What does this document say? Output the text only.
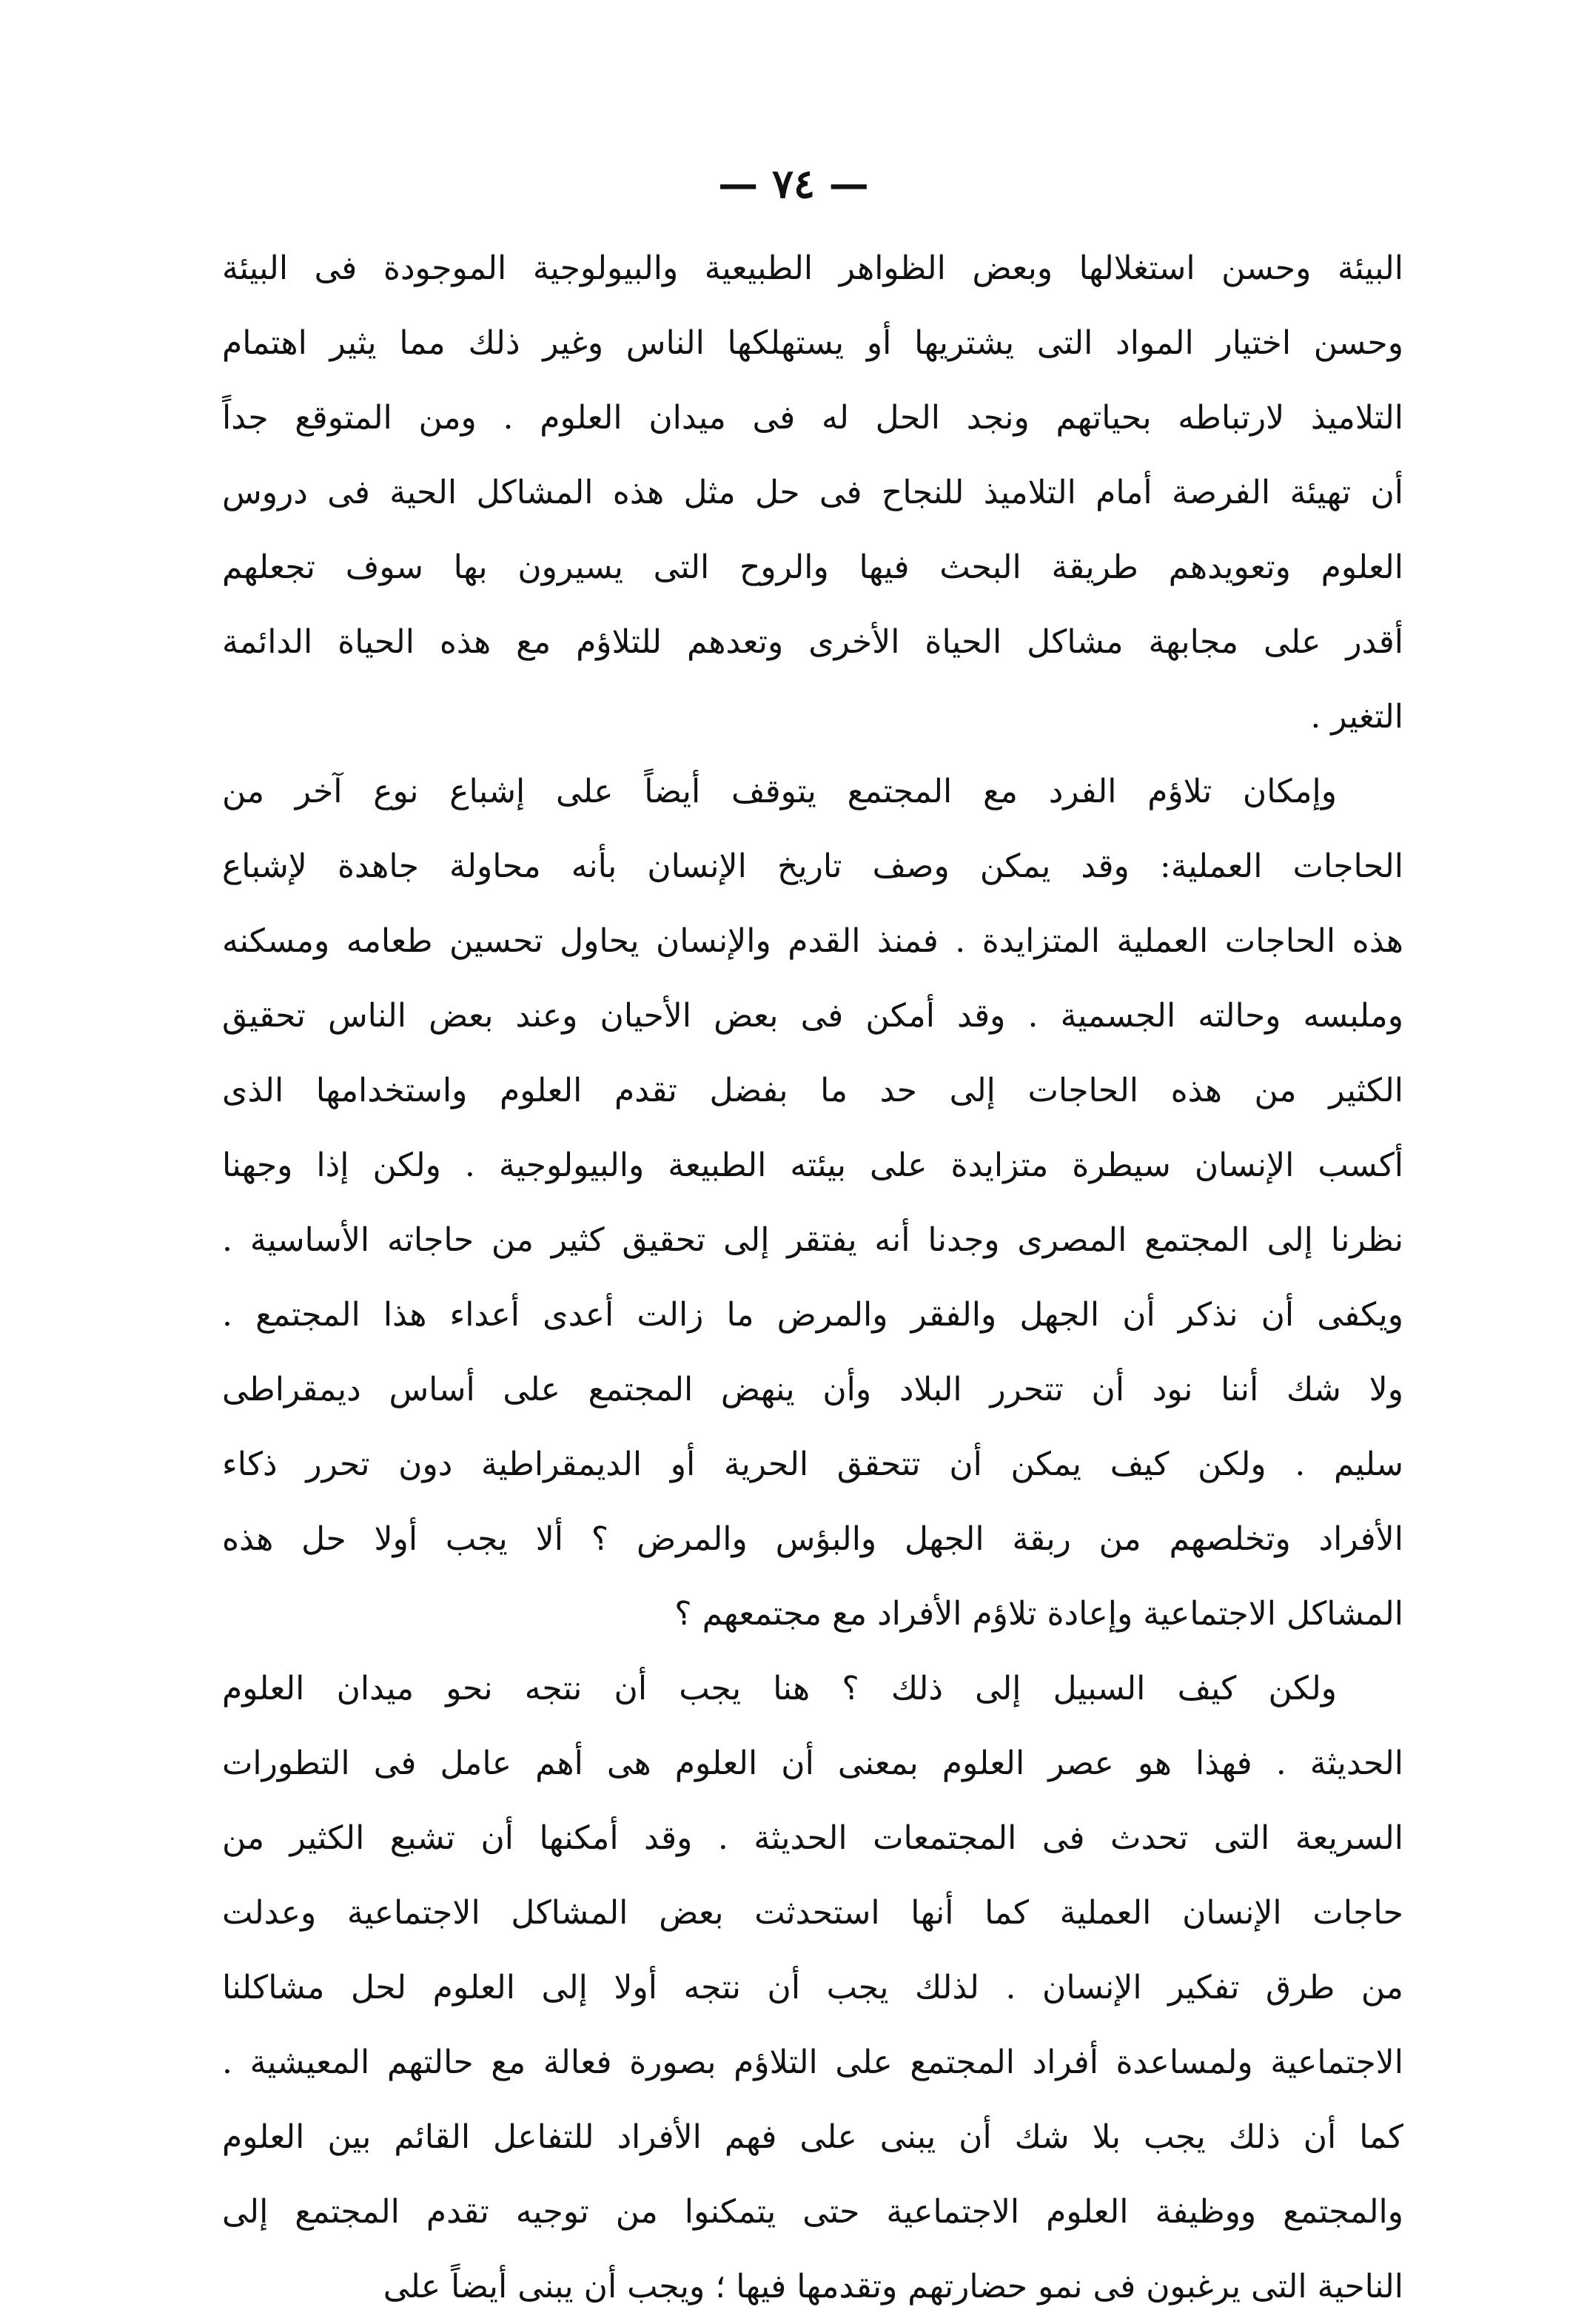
— ٧٤ —
البيئة وحسن استغلالها وبعض الظواهر الطبيعية والبيولوجية الموجودة فى البيئة
وحسن اختيار المواد التى يشتريها أو يستهلكها الناس وغير ذلك مما يثير اهتمام
التلاميذ لارتباطه بحياتهم ونجد الحل له فى ميدان العلوم . ومن المتوقع جداً
أن تهيئة الفرصة أمام التلاميذ للنجاح فى حل مثل هذه المشاكل الحية فى دروس
العلوم وتعويدهم طريقة البحث فيها والروح التى يسيرون بها سوف تجعلهم
أقدر على مجابهة مشاكل الحياة الأخرى وتعدهم للتلاؤم مع هذه الحياة الدائمة
التغير .
وإمكان تلاؤم الفرد مع المجتمع يتوقف أيضاً على إشباع نوع آخر من
الحاجات العملية: وقد يمكن وصف تاريخ الإنسان بأنه محاولة جاهدة لإشباع
هذه الحاجات العملية المتزايدة . فمنذ القدم والإنسان يحاول تحسين طعامه ومسكنه
وملبسه وحالته الجسمية . وقد أمكن فى بعض الأحيان وعند بعض الناس تحقيق
الكثير من هذه الحاجات إلى حد ما بفضل تقدم العلوم واستخدامها الذى
أكسب الإنسان سيطرة متزايدة على بيئته الطبيعة والبيولوجية . ولكن إذا وجهنا
نظرنا إلى المجتمع المصرى وجدنا أنه يفتقر إلى تحقيق كثير من حاجاته الأساسية .
ويكفى أن نذكر أن الجهل والفقر والمرض ما زالت أعدى أعداء هذا المجتمع .
ولا شك أننا نود أن تتحرر البلاد وأن ينهض المجتمع على أساس ديمقراطى
سليم . ولكن كيف يمكن أن تتحقق الحرية أو الديمقراطية دون تحرر ذكاء
الأفراد وتخلصهم من ربقة الجهل والبؤس والمرض ؟ ألا يجب أولا حل هذه
المشاكل الاجتماعية وإعادة تلاؤم الأفراد مع مجتمعهم ؟
ولكن كيف السبيل إلى ذلك ؟ هنا يجب أن نتجه نحو ميدان العلوم
الحديثة . فهذا هو عصر العلوم بمعنى أن العلوم هى أهم عامل فى التطورات
السريعة التى تحدث فى المجتمعات الحديثة . وقد أمكنها أن تشبع الكثير من
حاجات الإنسان العملية كما أنها استحدثت بعض المشاكل الاجتماعية وعدلت
من طرق تفكير الإنسان . لذلك يجب أن نتجه أولا إلى العلوم لحل مشاكلنا
الاجتماعية ولمساعدة أفراد المجتمع على التلاؤم بصورة فعالة مع حالتهم المعيشية .
كما أن ذلك يجب بلا شك أن يبنى على فهم الأفراد للتفاعل القائم بين العلوم
والمجتمع ووظيفة العلوم الاجتماعية حتى يتمكنوا من توجيه تقدم المجتمع إلى
الناحية التى يرغبون فى نمو حضارتهم وتقدمها فيها ؛ ويجب أن يبنى أيضاً على
